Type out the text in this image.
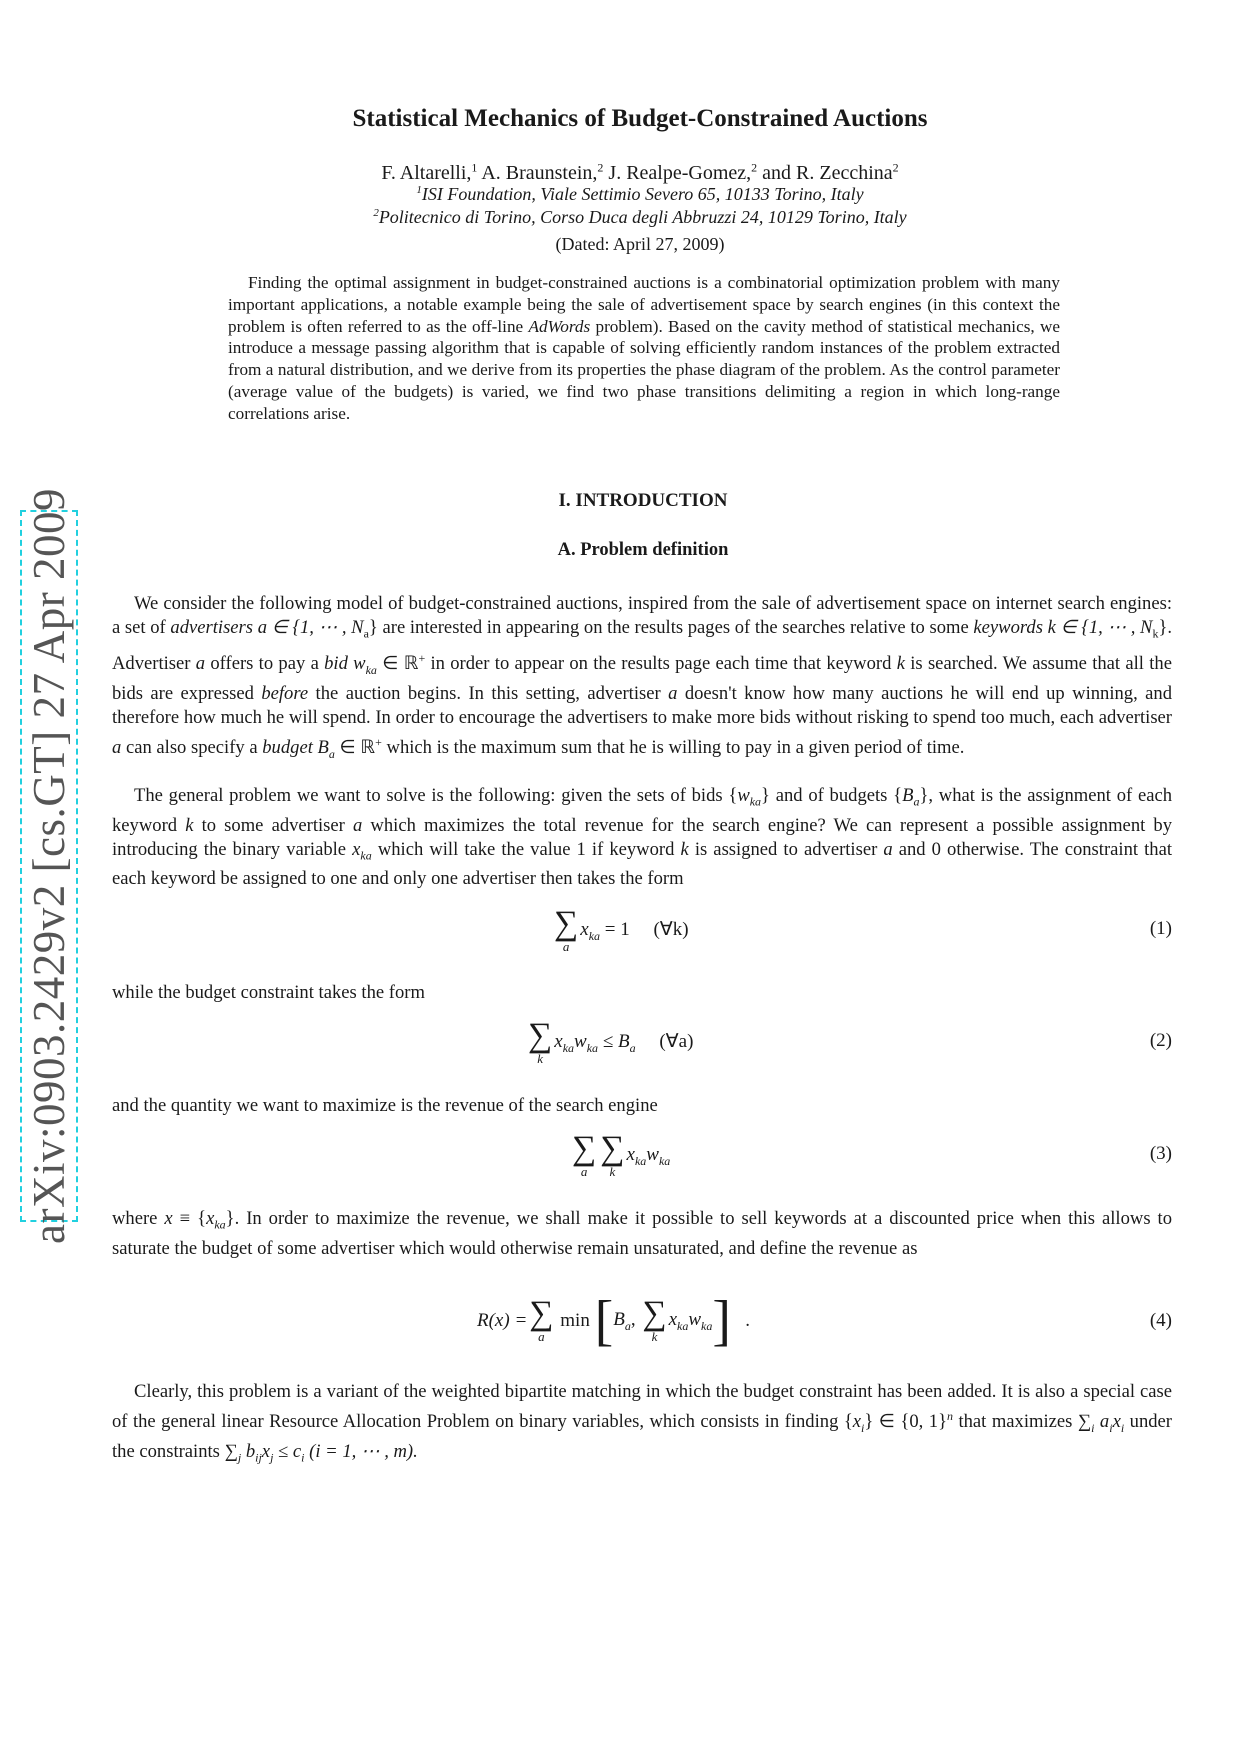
arXiv:0903.2429v2 [cs.GT] 27 Apr 2009
Statistical Mechanics of Budget-Constrained Auctions
F. Altarelli,$^1$ A. Braunstein,$^2$ J. Realpe-Gomez,$^2$ and R. Zecchina$^2$
$^1$ISI Foundation, Viale Settimio Severo 65, 10133 Torino, Italy
$^2$Politecnico di Torino, Corso Duca degli Abbruzzi 24, 10129 Torino, Italy
(Dated: April 27, 2009)
Finding the optimal assignment in budget-constrained auctions is a combinatorial optimization problem with many important applications, a notable example being the sale of advertisement space by search engines (in this context the problem is often referred to as the off-line AdWords problem). Based on the cavity method of statistical mechanics, we introduce a message passing algorithm that is capable of solving efficiently random instances of the problem extracted from a natural distribution, and we derive from its properties the phase diagram of the problem. As the control parameter (average value of the budgets) is varied, we find two phase transitions delimiting a region in which long-range correlations arise.
I. INTRODUCTION
A. Problem definition
We consider the following model of budget-constrained auctions, inspired from the sale of advertisement space on internet search engines: a set of advertisers a ∈ {1, ⋯ , $N_a$} are interested in appearing on the results pages of the searches relative to some keywords k ∈ {1, ⋯ , $N_k$}. Advertiser a offers to pay a bid $w_{ka}$ ∈ ℝ+ in order to appear on the results page each time that keyword k is searched. We assume that all the bids are expressed before the auction begins. In this setting, advertiser a doesn't know how many auctions he will end up winning, and therefore how much he will spend. In order to encourage the advertisers to make more bids without risking to spend too much, each advertiser a can also specify a budget $B_a$ ∈ ℝ+ which is the maximum sum that he is willing to pay in a given period of time.
The general problem we want to solve is the following: given the sets of bids $\{w_{ka}\}$ and of budgets $\{B_a\}$, what is the assignment of each keyword k to some advertiser a which maximizes the total revenue for the search engine? We can represent a possible assignment by introducing the binary variable $x_{ka}$ which will take the value 1 if keyword k is assigned to advertiser a and 0 otherwise. The constraint that each keyword be assigned to one and only one advertiser then takes the form
∑
a
$x_{ka} = 1$ (∀k)	(1)
while the budget constraint takes the form
∑
k
$x_{ka}w_{ka} \le B_a$ (∀a)	(2)
and the quantity we want to maximize is the revenue of the search engine
∑
a
∑
k
$x_{ka}w_{ka}$	(3)
where $x \equiv \{x_{ka}\}$. In order to maximize the revenue, we shall make it possible to sell keywords at a discounted price when this allows to saturate the budget of some advertiser which would otherwise remain unsaturated, and define the revenue as
R(x) = ∑
a
$\min [B_a$, ∑
k
$x_{ka}w_{ka}$] .	(4)
Clearly, this problem is a variant of the weighted bipartite matching in which the budget constraint has been added. It is also a special case of the general linear Resource Allocation Problem on binary variables, which consists in finding $\{x_i\}$ ∈ {0, 1}$^n$ that maximizes $\sum_i$ $a_ix_i$ under the constraints $\sum_j$ $b_{ij}x_j \le c_i$ (i = 1, ⋯ , m).
